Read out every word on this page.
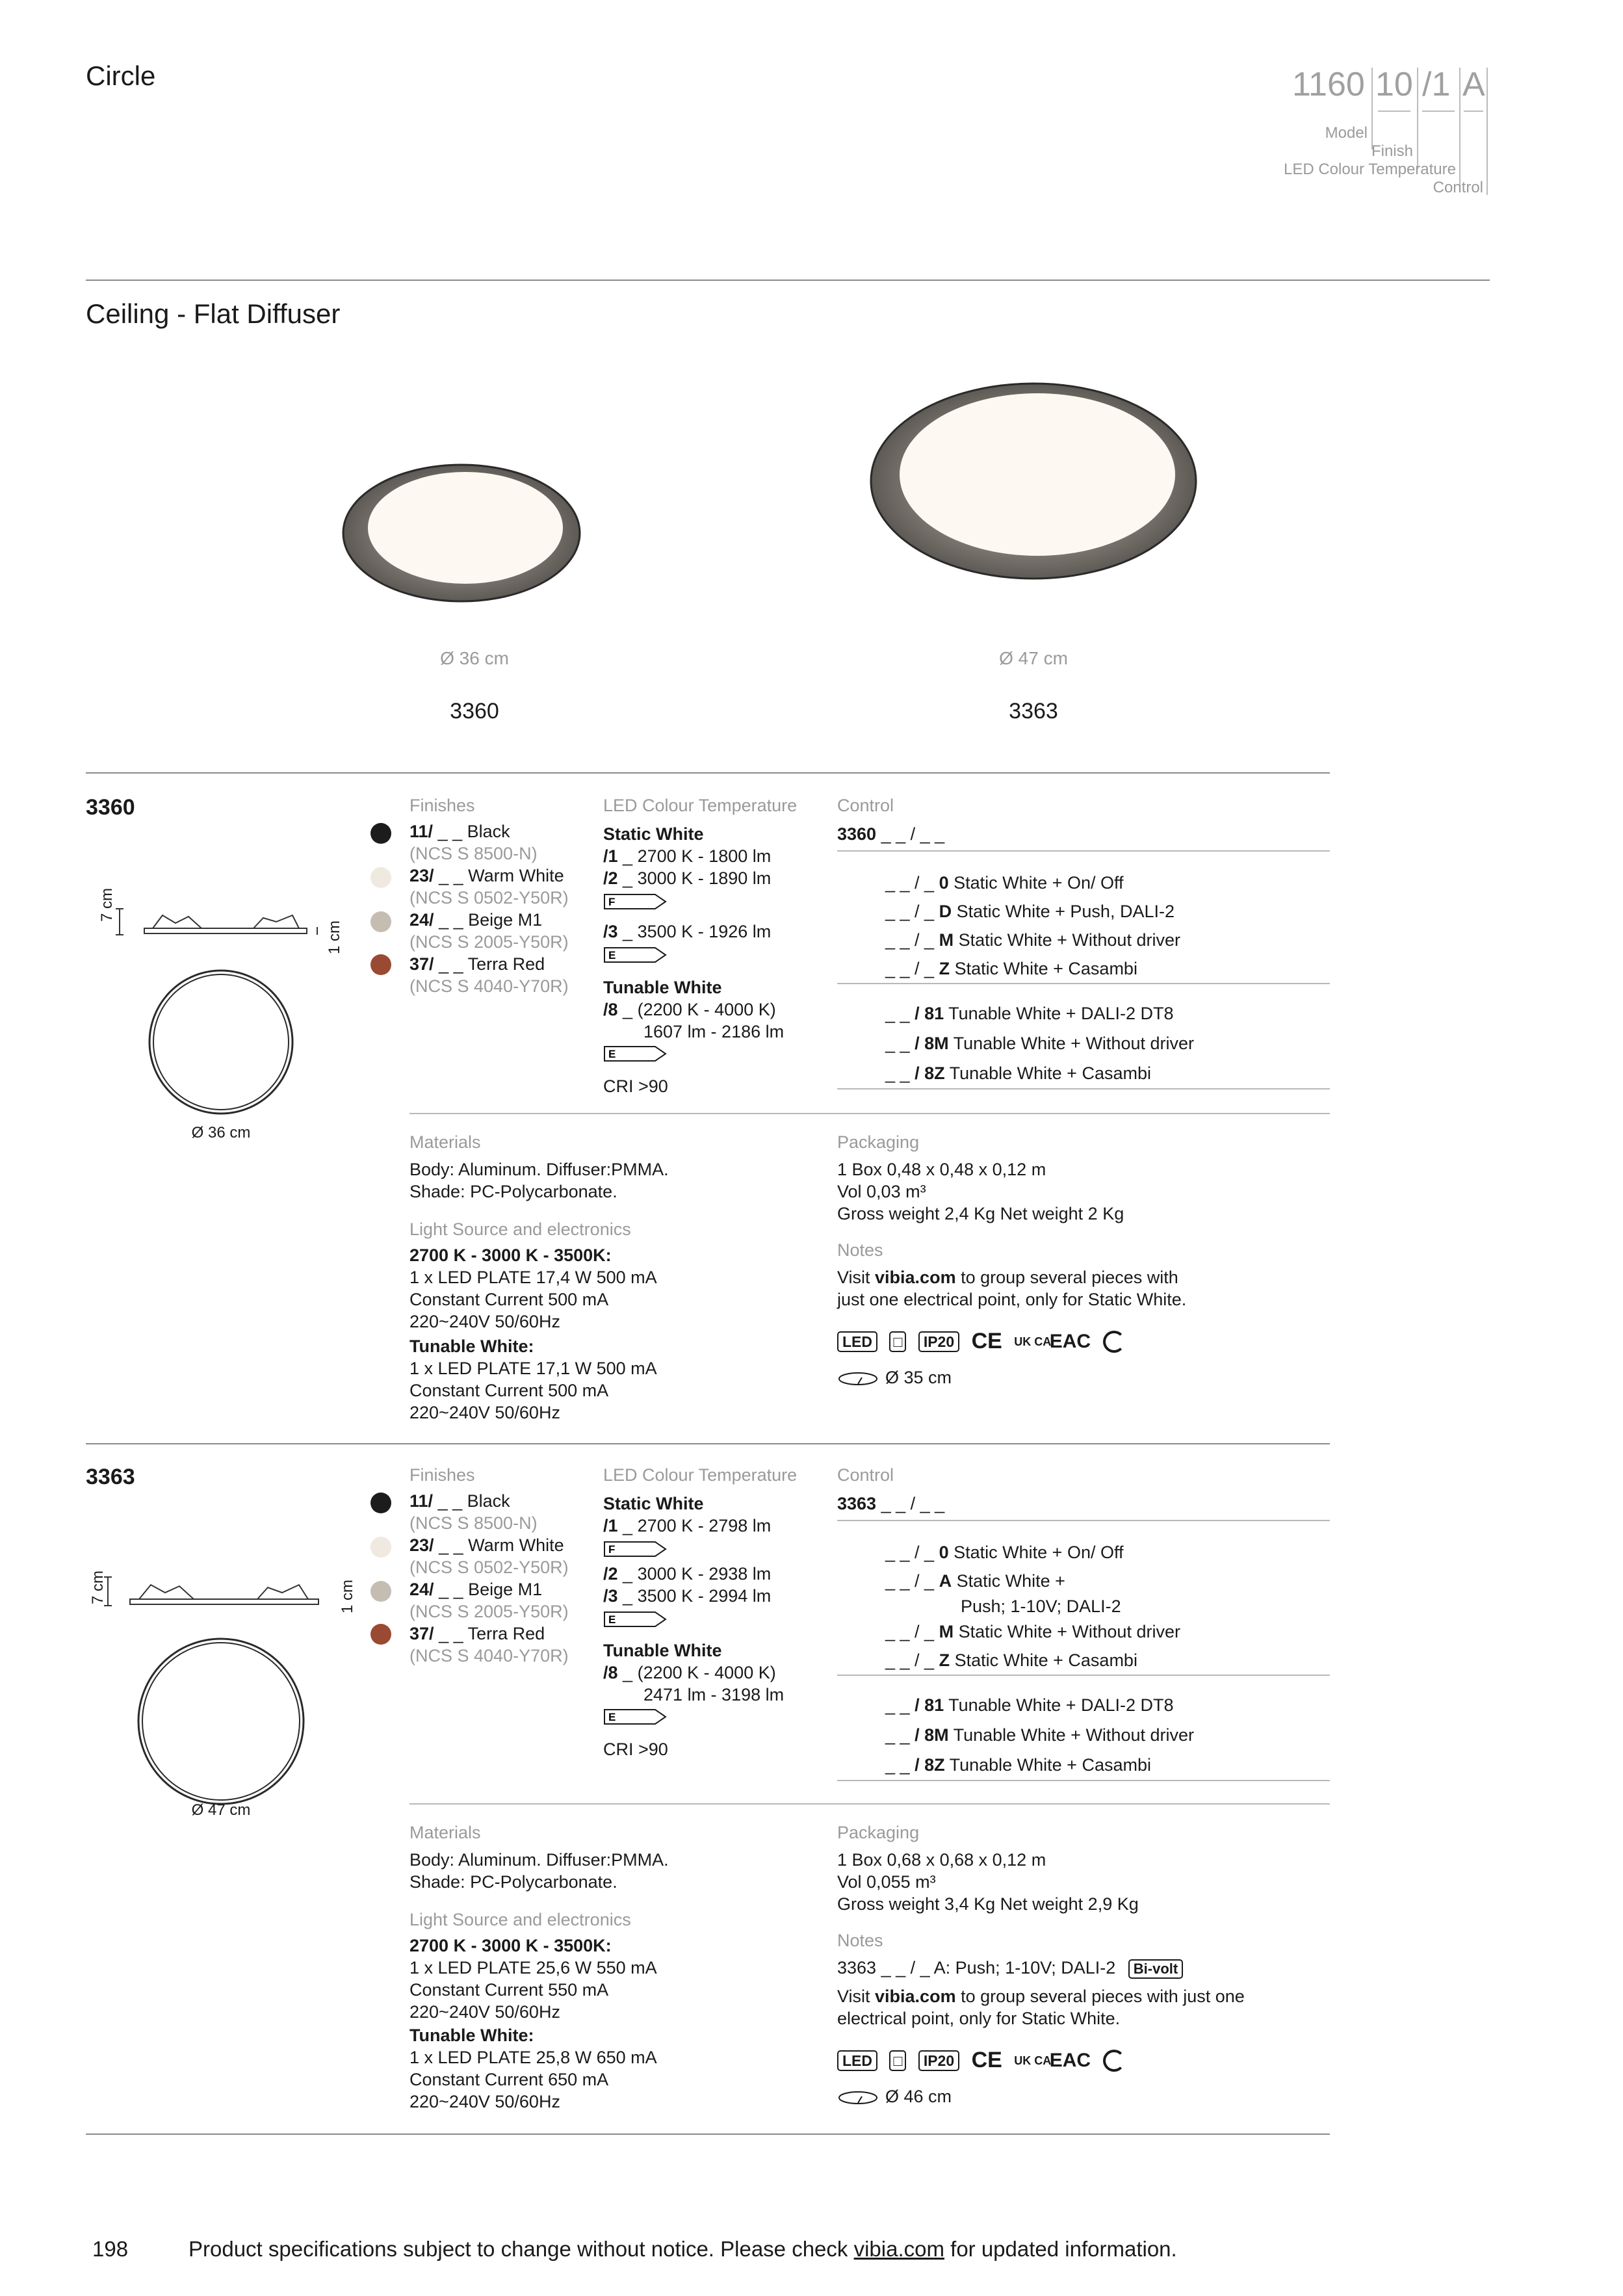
Circle	1160 10 /1 A
Model
Finish
LED Colour Temperature
Control
Ceiling - Flat Diffuser
Ø 36 cm
3360
Ø 47 cm
3363
3360
7 cm
1 cm
Ø 36 cm
Finishes
11/ _ _ Black
(NCS S 8500-N)
23/ _ _ Warm White
(NCS S 0502-Y50R)
24/ _ _ Beige M1
(NCS S 2005-Y50R)
37/ _ _ Terra Red
(NCS S 4040-Y70R)
LED Colour Temperature
Static White
/1 _ 2700 K - 1800 lm
/2 _ 3000 K - 1890 lm
F
/3 _ 3500 K - 1926 lm
E
Tunable White
/8 _ (2200 K - 4000 K)
1607 lm - 2186 lm
E
CRI >90
Control
3360 _ _ / _ _
_ _ / _ 0 Static White + On/ Off
_ _ / _ D Static White + Push, DALI-2
_ _ / _ M Static White + Without driver
_ _ / _ Z Static White + Casambi
_ _ / 81 Tunable White + DALI-2 DT8
_ _ / 8M Tunable White + Without driver
_ _ / 8Z Tunable White + Casambi
Materials
Body: Aluminum. Diffuser:PMMA.
Shade: PC-Polycarbonate.
Light Source and electronics
2700 K - 3000 K - 3500K:
1 x LED PLATE 17,4 W 500 mA
Constant Current 500 mA
220~240V 50/60Hz
Tunable White:
1 x LED PLATE 17,1 W 500 mA
Constant Current 500 mA
220~240V 50/60Hz
Packaging
1 Box 0,48 x 0,48 x 0,12 m
Vol 0,03 m³
Gross weight 2,4 Kg Net weight 2 Kg
Notes
Visit vibia.com to group several pieces with
just one electrical point, only for Static White.
LED □ IP20 CE UK CA EAC
Ø 35 cm
3363
7 cm	1 cm
Ø 47 cm
Finishes
11/ _ _ Black
(NCS S 8500-N)
23/ _ _ Warm White
(NCS S 0502-Y50R)
24/ _ _ Beige M1
(NCS S 2005-Y50R)
37/ _ _ Terra Red
(NCS S 4040-Y70R)
LED Colour Temperature
Static White
/1 _ 2700 K - 2798 lm
F
/2 _ 3000 K - 2938 lm
/3 _ 3500 K - 2994 lm
E
Tunable White
/8 _ (2200 K - 4000 K)
2471 lm - 3198 lm
E
CRI >90
Control
3363 _ _ / _ _
_ _ / _ 0 Static White + On/ Off
_ _ / _ A Static White +
Push; 1-10V; DALI-2
_ _ / _ M Static White + Without driver
_ _ / _ Z Static White + Casambi
_ _ / 81 Tunable White + DALI-2 DT8
_ _ / 8M Tunable White + Without driver
_ _ / 8Z Tunable White + Casambi
Materials
Body: Aluminum. Diffuser:PMMA.
Shade: PC-Polycarbonate.
Light Source and electronics
2700 K - 3000 K - 3500K:
1 x LED PLATE 25,6 W 550 mA
Constant Current 550 mA
220~240V 50/60Hz
Tunable White:
1 x LED PLATE 25,8 W 650 mA
Constant Current 650 mA
220~240V 50/60Hz
Packaging
1 Box 0,68 x 0,68 x 0,12 m
Vol 0,055 m³
Gross weight 3,4 Kg Net weight 2,9 Kg
Notes
3363 _ _ / _ A: Push; 1-10V; DALI-2 Bi-volt
Visit vibia.com to group several pieces with just one
electrical point, only for Static White.
LED □ IP20 CE UK CA EAC
Ø 46 cm
198	Product specifications subject to change without notice. Please check vibia.com for updated information.
